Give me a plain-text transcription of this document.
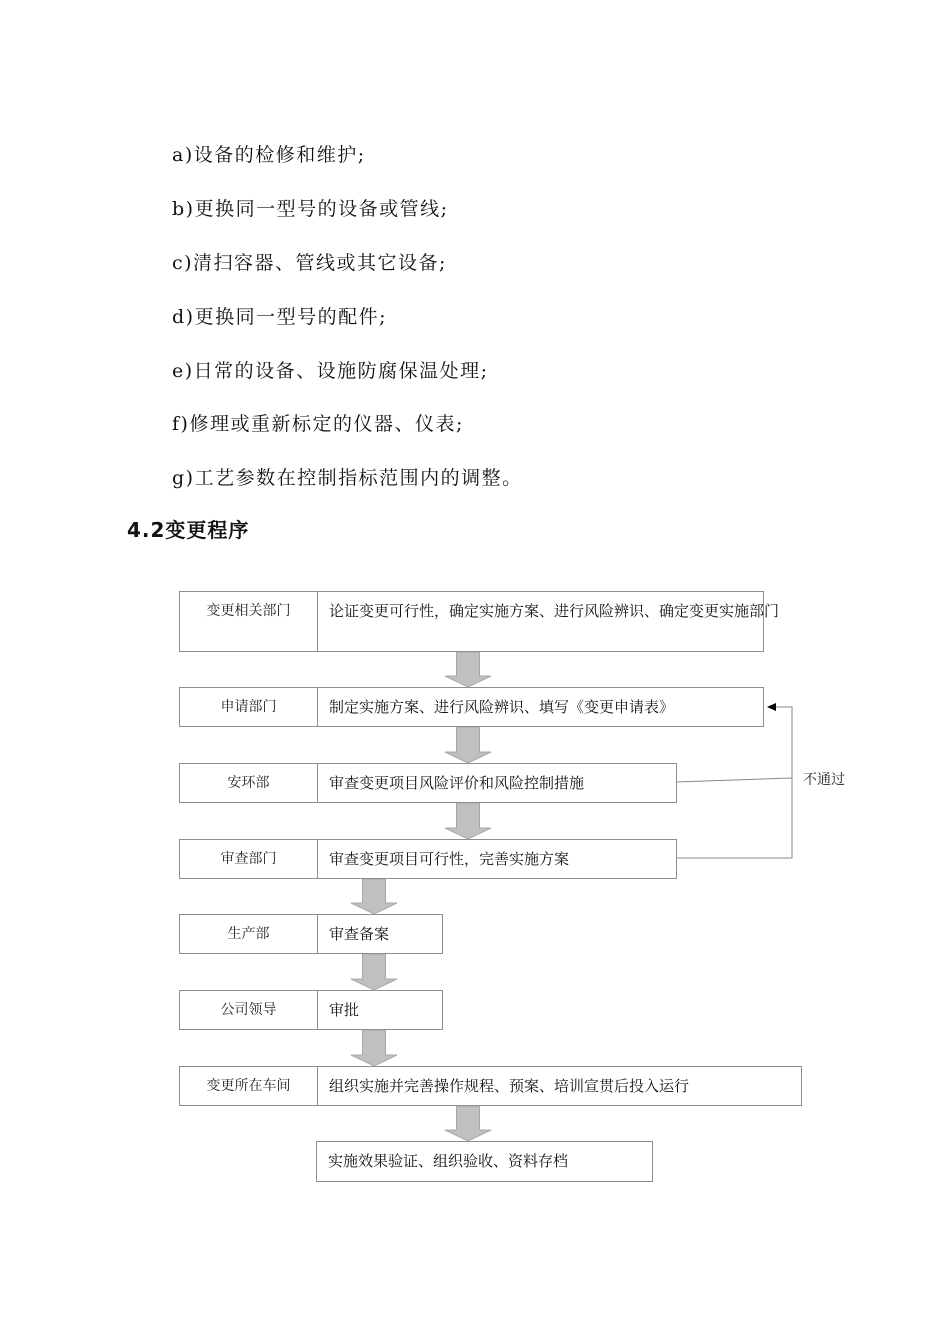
a)设备的检修和维护;
b)更换同一型号的设备或管线;
c)清扫容器、管线或其它设备;
d)更换同一型号的配件;
e)日常的设备、设施防腐保温处理;
f)修理或重新标定的仪器、仪表;
g)工艺参数在控制指标范围内的调整。
4.2变更程序
变更相关部门	论证变更可行性，确定实施方案、进行风险辨识、确定变更实施部门
申请部门	制定实施方案、进行风险辨识、填写《变更申请表》
安环部	审查变更项目风险评价和风险控制措施
审查部门	审查变更项目可行性，完善实施方案
生产部	审查备案
公司领导	审批
变更所在车间	组织实施并完善操作规程、预案、培训宣贯后投入运行
实施效果验证、组织验收、资料存档
不通过
